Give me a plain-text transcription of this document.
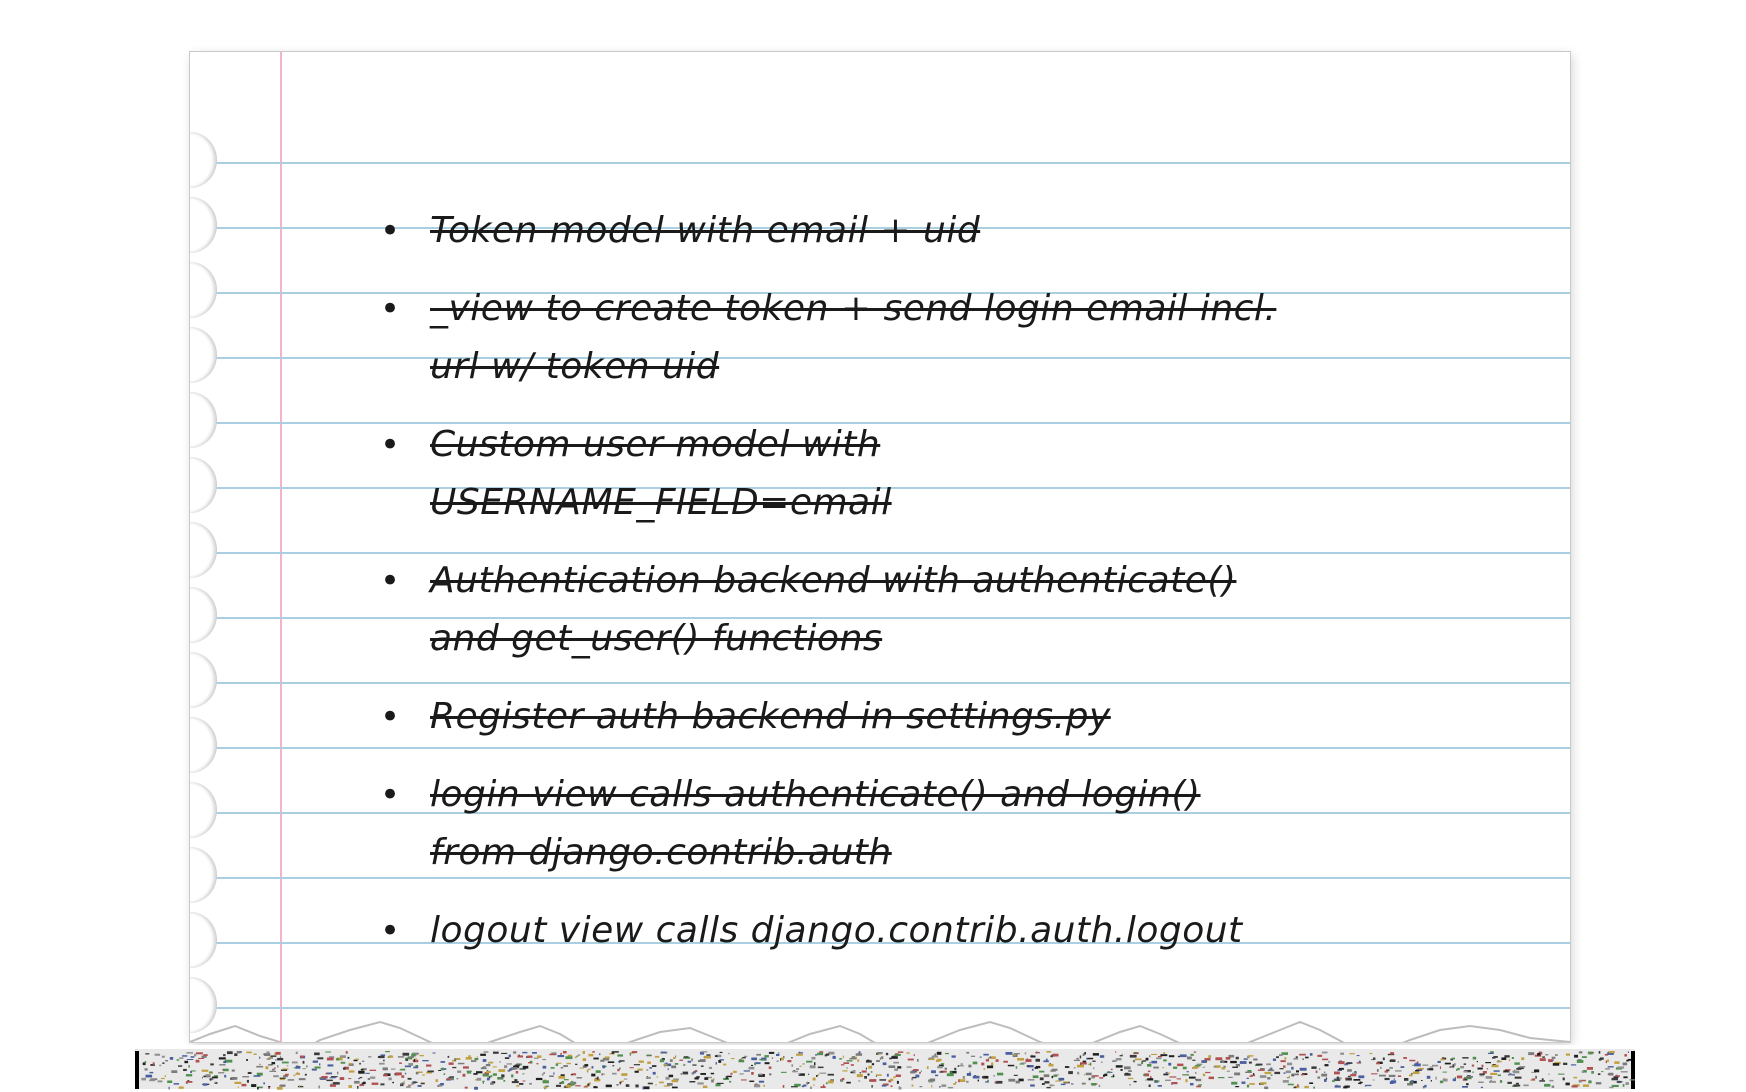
• Token model with email + uid
• _view to create token + send login email incl. url w/ token uid
• Custom user model with USERNAME_FIELD=email
• Authentication backend with authenticate() and get_user() functions
• Register auth backend in settings.py
• login view calls authenticate() and login() from django.contrib.auth
• logout view calls django.contrib.auth.logout
